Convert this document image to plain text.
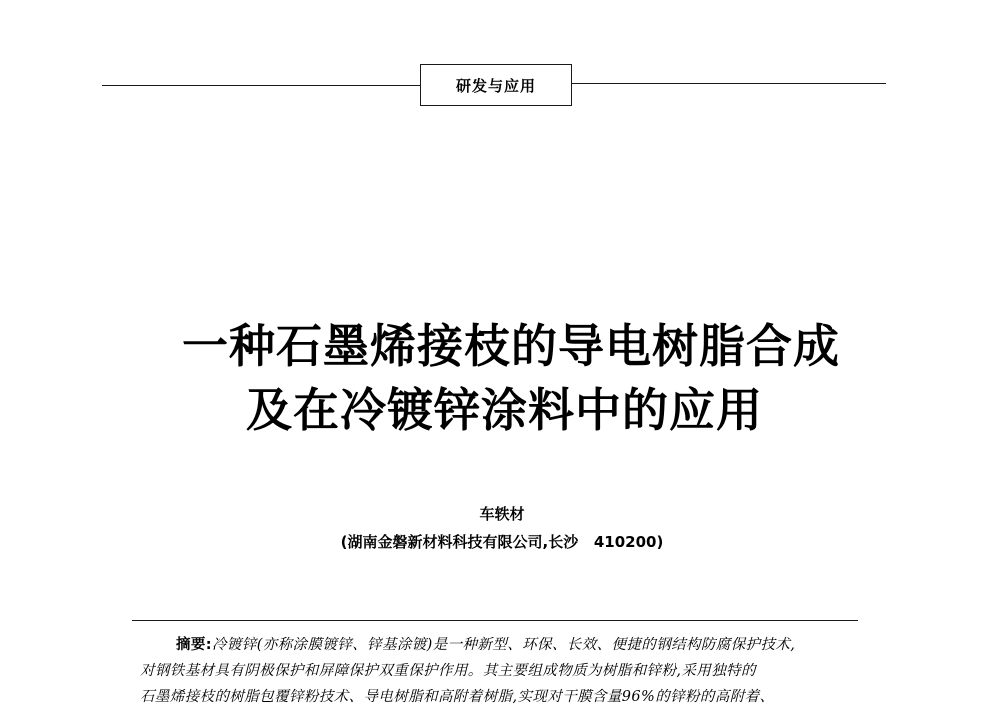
研发与应用
一种石墨烯接枝的导电树脂合成
及在冷镀锌涂料中的应用
车轶材
(湖南金磐新材料科技有限公司,长沙   410200)
摘要:冷镀锌(亦称涂膜镀锌、锌基涂镀)是一种新型、环保、长效、便捷的钢结构防腐保护技术,
对钢铁基材具有阴极保护和屏障保护双重保护作用。其主要组成物质为树脂和锌粉,采用独特的
石墨烯接枝的树脂包覆锌粉技术、导电树脂和高附着树脂,实现对干膜含量96%的锌粉的高附着、
